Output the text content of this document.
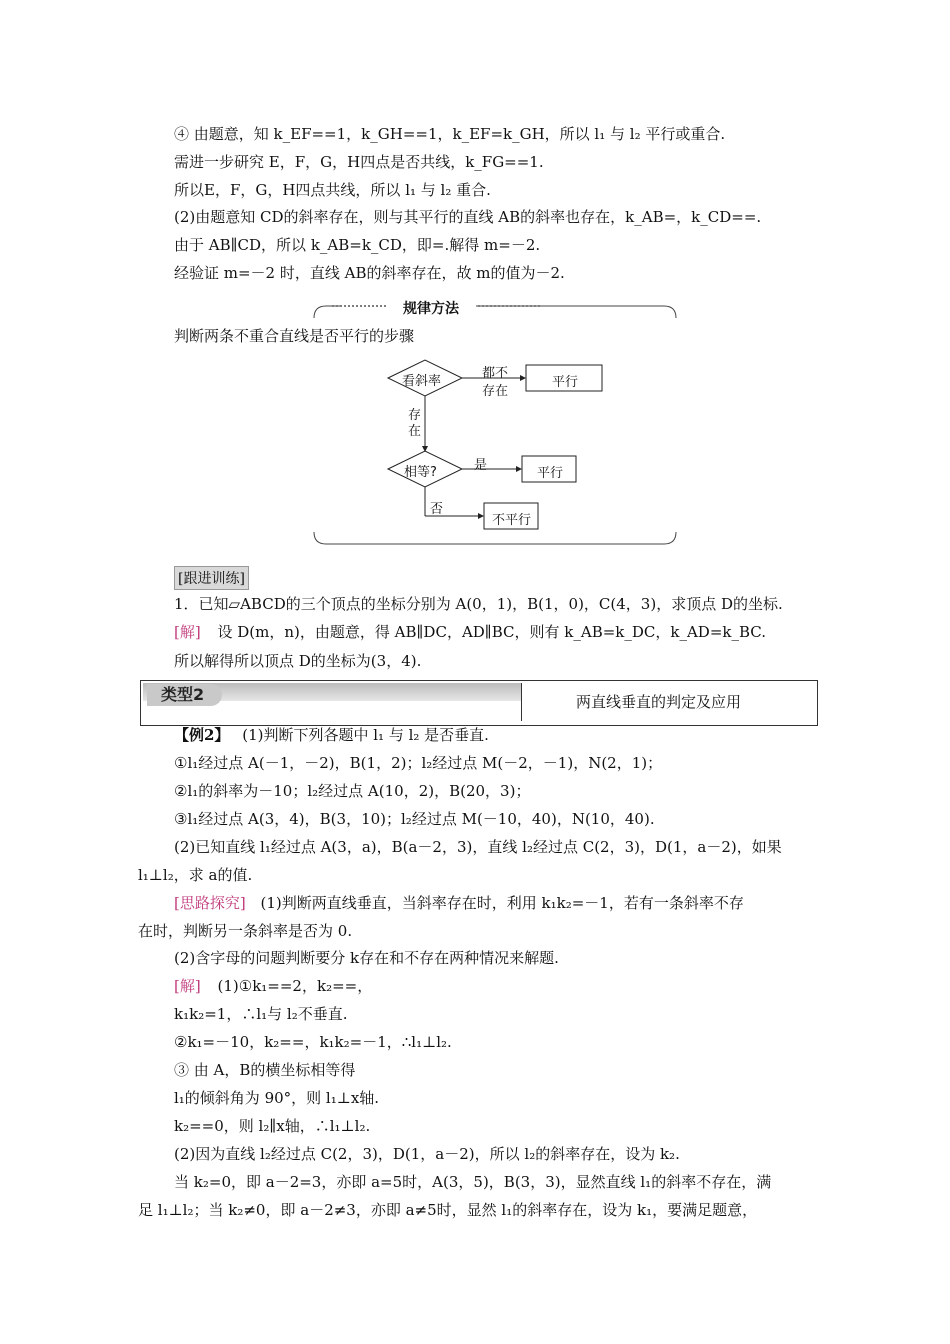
④ 由题意，知 k_EF==1，k_GH==1，k_EF=k_GH，所以 l₁ 与 l₂ 平行或重合.
需进一步研究 E，F，G，H四点是否共线，k_FG==1.
所以E，F，G，H四点共线，所以 l₁ 与 l₂ 重合.
(2)由题意知 CD的斜率存在，则与其平行的直线 AB的斜率也存在，k_AB=，k_CD==.
由于 AB∥CD，所以 k_AB=k_CD，即=.解得 m=－2.
经验证 m=－2 时，直线 AB的斜率存在，故 m的值为－2.
规律方法
判断两条不重合直线是否平行的步骤
看斜率
都不
存在
平行
存
在
相等?	是
平行
否
不平行
[跟进训练]
1．已知▱ABCD的三个顶点的坐标分别为 A(0，1)，B(1，0)，C(4，3)，求顶点 D的坐标.
[解] 设 D(m，n)，由题意，得 AB∥DC，AD∥BC，则有 k_AB=k_DC，k_AD=k_BC.
所以解得所以顶点 D的坐标为(3，4).
类型2	两直线垂直的判定及应用
【例2】 (1)判断下列各题中 l₁ 与 l₂ 是否垂直.
①l₁经过点 A(－1，－2)，B(1，2)；l₂经过点 M(－2，－1)，N(2，1)；
②l₁的斜率为－10；l₂经过点 A(10，2)，B(20，3)；
③l₁经过点 A(3，4)，B(3，10)；l₂经过点 M(－10，40)，N(10，40).
(2)已知直线 l₁经过点 A(3，a)，B(a－2，3)，直线 l₂经过点 C(2，3)，D(1，a－2)，如果
l₁⊥l₂，求 a的值.
[思路探究] (1)判断两直线垂直，当斜率存在时，利用 k₁k₂=－1，若有一条斜率不存
在时，判断另一条斜率是否为 0.
(2)含字母的问题判断要分 k存在和不存在两种情况来解题.
[解] (1)①k₁==2，k₂==，
k₁k₂=1，∴l₁与 l₂不垂直.
②k₁=－10，k₂==，k₁k₂=－1，∴l₁⊥l₂.
③ 由 A，B的横坐标相等得
l₁的倾斜角为 90°，则 l₁⊥x轴.
k₂==0，则 l₂∥x轴，∴l₁⊥l₂.
(2)因为直线 l₂经过点 C(2，3)，D(1，a－2)，所以 l₂的斜率存在，设为 k₂.
当 k₂=0，即 a－2=3，亦即 a=5时，A(3，5)，B(3，3)，显然直线 l₁的斜率不存在，满
足 l₁⊥l₂；当 k₂≠0，即 a－2≠3，亦即 a≠5时，显然 l₁的斜率存在，设为 k₁，要满足题意，
